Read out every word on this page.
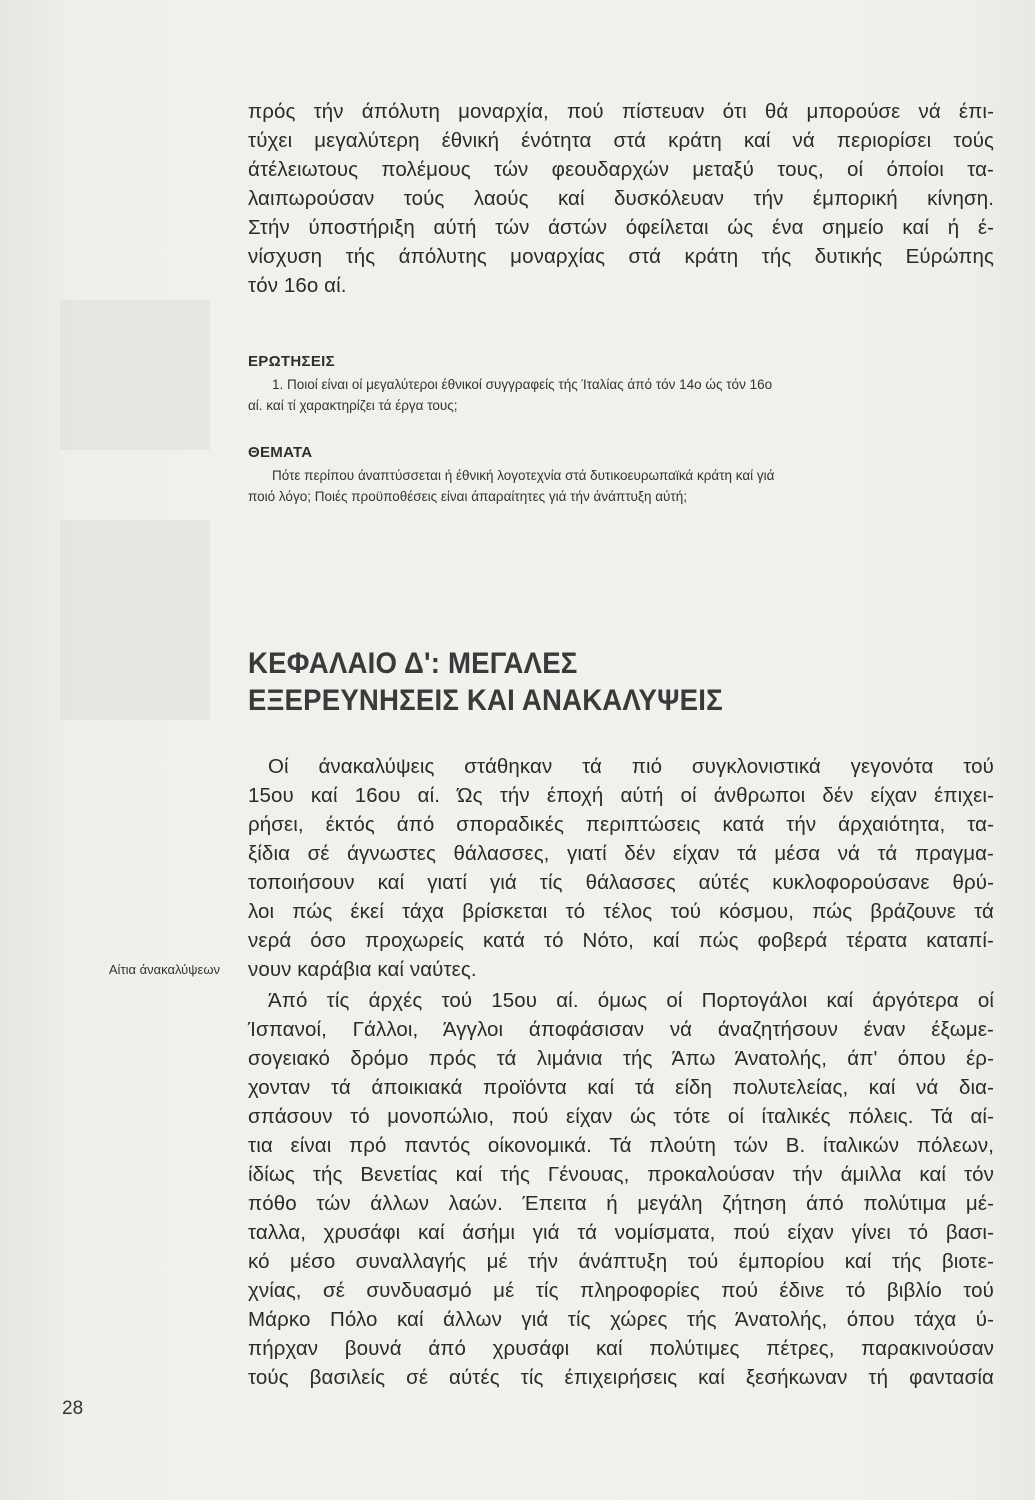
πρός τήν άπόλυτη μοναρχία, πού πίστευαν ότι θά μπορούσε νά έπι-
τύχει μεγαλύτερη έθνική ένότητα στά κράτη καί νά περιορίσει τούς
άτέλειωτους πολέμους τών φεουδαρχών μεταξύ τους, οί όποίοι τα-
λαιπωρούσαν τούς λαούς καί δυσκόλευαν τήν έμπορική κίνηση.
Στήν ύποστήριξη αύτή τών άστών όφείλεται ώς ένα σημείο καί ή έ-
νίσχυση τής άπόλυτης μοναρχίας στά κράτη τής δυτικής Εύρώπης
τόν 16ο αί.

ΕΡΩΤΗΣΕΙΣ

1. Ποιοί είναι οί μεγαλύτεροι έθνικοί συγγραφείς τής Ίταλίας άπό τόν 14ο ώς τόν 16ο

αί. καί τί χαρακτηρίζει τά έργα τους;

ΘΕΜΑΤΑ

Πότε περίπου άναπτύσσεται ή έθνική λογοτεχνία στά δυτικοευρωπαϊκά κράτη καί γιά

ποιό λόγο; Ποιές προϋποθέσεις είναι άπαραίτητες γιά τήν άνάπτυξη αύτή;

ΚΕΦΑΛΑΙΟ Δ': ΜΕΓΑΛΕΣ
ΕΞΕΡΕΥΝΗΣΕΙΣ ΚΑΙ ΑΝΑΚΑΛΥΨΕΙΣ

Οί άνακαλύψεις στάθηκαν τά πιό συγκλονιστικά γεγονότα τού
15ου καί 16ου αί. Ώς τήν έποχή αύτή οί άνθρωποι δέν είχαν έπιχει-
ρήσει, έκτός άπό σποραδικές περιπτώσεις κατά τήν άρχαιότητα, τα-
ξίδια σέ άγνωστες θάλασσες, γιατί δέν είχαν τά μέσα νά τά πραγμα-
τοποιήσουν καί γιατί γιά τίς θάλασσες αύτές κυκλοφορούσανε θρύ-
λοι πώς έκεί τάχα βρίσκεται τό τέλος τού κόσμου, πώς βράζουνε τά
νερά όσο προχωρείς κατά τό Νότο, καί πώς φοβερά τέρατα καταπί-
νουν καράβια καί ναύτες.

Αίτια άνακαλύψεων

Άπό τίς άρχές τού 15ου αί. όμως οί Πορτογάλοι καί άργότερα οί
Ίσπανοί, Γάλλοι, Άγγλοι άποφάσισαν νά άναζητήσουν έναν έξωμε-
σογειακό δρόμο πρός τά λιμάνια τής Άπω Άνατολής, άπ' όπου έρ-
χονταν τά άποικιακά προϊόντα καί τά είδη πολυτελείας, καί νά δια-
σπάσουν τό μονοπώλιο, πού είχαν ώς τότε οί ίταλικές πόλεις. Τά αί-
τια είναι πρό παντός οίκονομικά. Τά πλούτη τών Β. ίταλικών πόλεων,
ίδίως τής Βενετίας καί τής Γένουας, προκαλούσαν τήν άμιλλα καί τόν
πόθο τών άλλων λαών. Έπειτα ή μεγάλη ζήτηση άπό πολύτιμα μέ-
ταλλα, χρυσάφι καί άσήμι γιά τά νομίσματα, πού είχαν γίνει τό βασι-
κό μέσο συναλλαγής μέ τήν άνάπτυξη τού έμπορίου καί τής βιοτε-
χνίας, σέ συνδυασμό μέ τίς πληροφορίες πού έδινε τό βιβλίο τού
Μάρκο Πόλο καί άλλων γιά τίς χώρες τής Άνατολής, όπου τάχα ύ-
πήρχαν βουνά άπό χρυσάφι καί πολύτιμες πέτρες, παρακινούσαν
τούς βασιλείς σέ αύτές τίς έπιχειρήσεις καί ξεσήκωναν τή φαντασία

28
